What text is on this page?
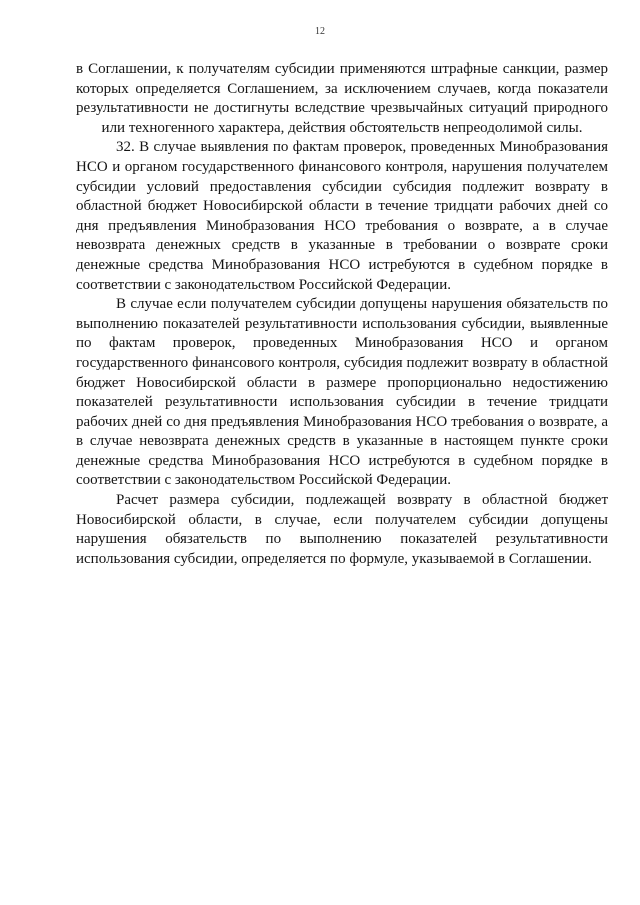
12

в Соглашении, к получателям субсидии применяются штрафные санкции, размер которых определяется Соглашением, за исключением случаев, когда показатели результативности не достигнуты вследствие чрезвычайных ситуаций природного или техногенного характера, действия обстоятельств непреодолимой силы.

32. В случае выявления по фактам проверок, проведенных Минобразования НСО и органом государственного финансового контроля, нарушения получателем субсидии условий предоставления субсидии субсидия подлежит возврату в областной бюджет Новосибирской области в течение тридцати рабочих дней со дня предъявления Минобразования НСО требования о возврате, а в случае невозврата денежных средств в указанные в требовании о возврате сроки денежные средства Минобразования НСО истребуются в судебном порядке в соответствии с законодательством Российской Федерации.

В случае если получателем субсидии допущены нарушения обязательств по выполнению показателей результативности использования субсидии, выявленные по фактам проверок, проведенных Минобразования НСО и органом государственного финансового контроля, субсидия подлежит возврату в областной бюджет Новосибирской области в размере пропорционально недостижению показателей результативности использования субсидии в течение тридцати рабочих дней со дня предъявления Минобразования НСО требования о возврате, а в случае невозврата денежных средств в указанные в настоящем пункте сроки денежные средства Минобразования НСО истребуются в судебном порядке в соответствии с законодательством Российской Федерации.

Расчет размера субсидии, подлежащей возврату в областной бюджет Новосибирской области, в случае, если получателем субсидии допущены нарушения обязательств по выполнению показателей результативности использования субсидии, определяется по формуле, указываемой в Соглашении.
